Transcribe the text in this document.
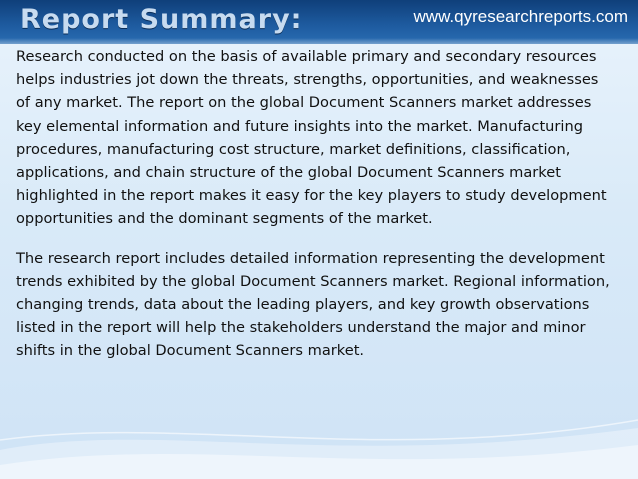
Report Summary:	www.qyresearchreports.com

Research conducted on the basis of available primary and secondary resources helps industries jot down the threats, strengths, opportunities, and weaknesses of any market. The report on the global Document Scanners market addresses key elemental information and future insights into the market. Manufacturing procedures, manufacturing cost structure, market definitions, classification, applications, and chain structure of the global Document Scanners market highlighted in the report makes it easy for the key players to study development opportunities and the dominant segments of the market.

The research report includes detailed information representing the development trends exhibited by the global Document Scanners market. Regional information, changing trends, data about the leading players, and key growth observations listed in the report will help the stakeholders understand the major and minor shifts in the global Document Scanners market.
